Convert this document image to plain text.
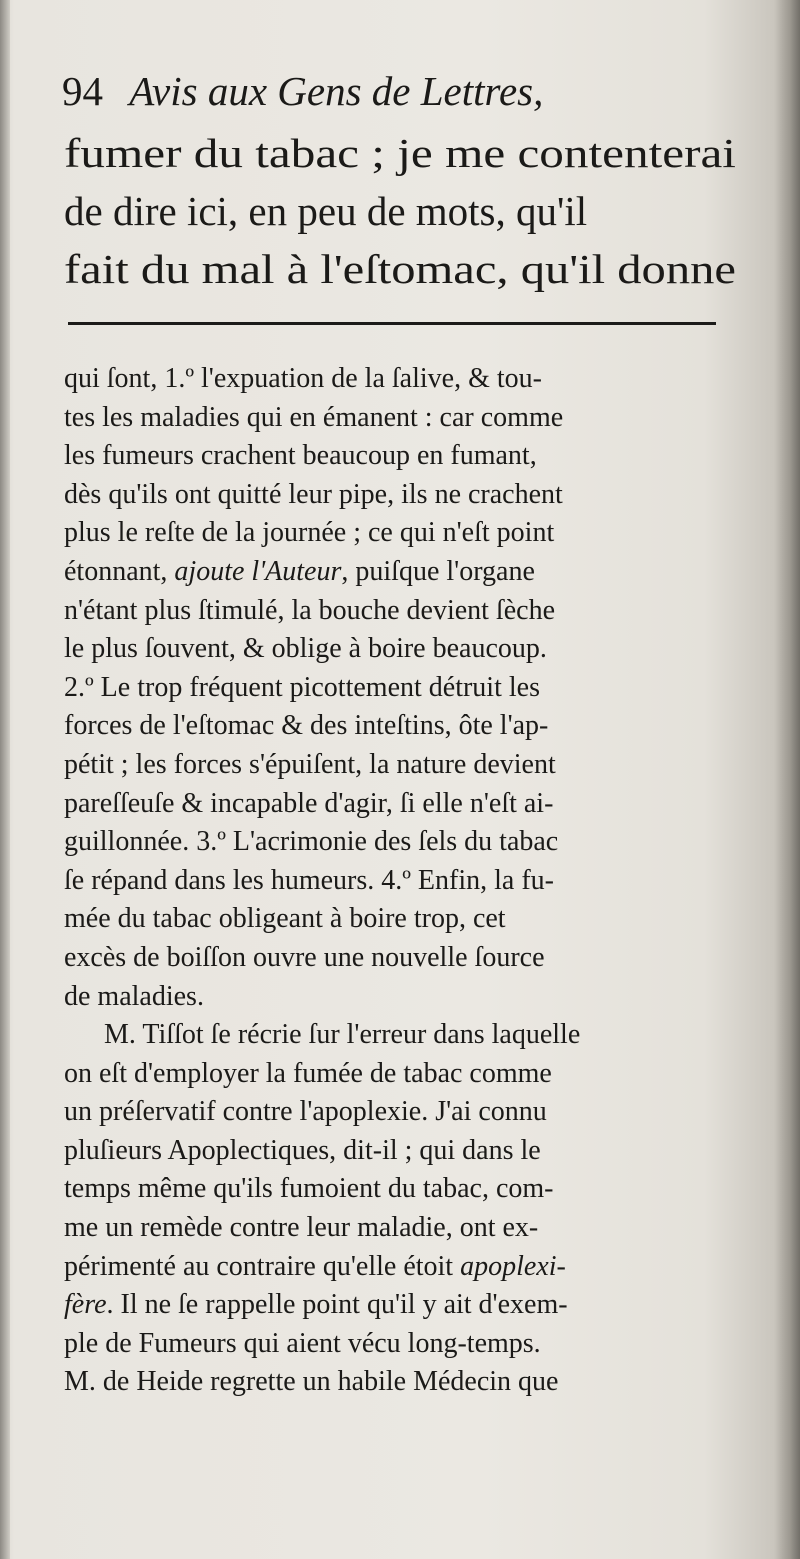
94 Avis aux Gens de Lettres,
fumer du tabac ; je me contenterai
de dire ici, en peu de mots, qu'il
fait du mal à l'eſtomac, qu'il donne
qui ſont, 1.º l'expuation de la ſalive, & tou-
tes les maladies qui en émanent : car comme
les fumeurs crachent beaucoup en fumant,
dès qu'ils ont quitté leur pipe, ils ne crachent
plus le reſte de la journée ; ce qui n'eſt point
étonnant, ajoute l'Auteur, puiſque l'organe
n'étant plus ſtimulé, la bouche devient ſèche
le plus ſouvent, & oblige à boire beaucoup.
2.º Le trop fréquent picottement détruit les
forces de l'eſtomac & des inteſtins, ôte l'ap-
pétit ; les forces s'épuiſent, la nature devient
pareſſeuſe & incapable d'agir, ſi elle n'eſt ai-
guillonnée. 3.º L'acrimonie des ſels du tabac
ſe répand dans les humeurs. 4.º Enfin, la fu-
mée du tabac obligeant à boire trop, cet
excès de boiſſon ouvre une nouvelle ſource
de maladies.
M. Tiſſot ſe récrie ſur l'erreur dans laquelle
on eſt d'employer la fumée de tabac comme
un préſervatif contre l'apoplexie. J'ai connu
pluſieurs Apoplectiques, dit-il ; qui dans le
temps même qu'ils fumoient du tabac, com-
me un remède contre leur maladie, ont ex-
périmenté au contraire qu'elle étoit apoplexi-
fère. Il ne ſe rappelle point qu'il y ait d'exem-
ple de Fumeurs qui aient vécu long-temps.
M. de Heide regrette un habile Médecin que
